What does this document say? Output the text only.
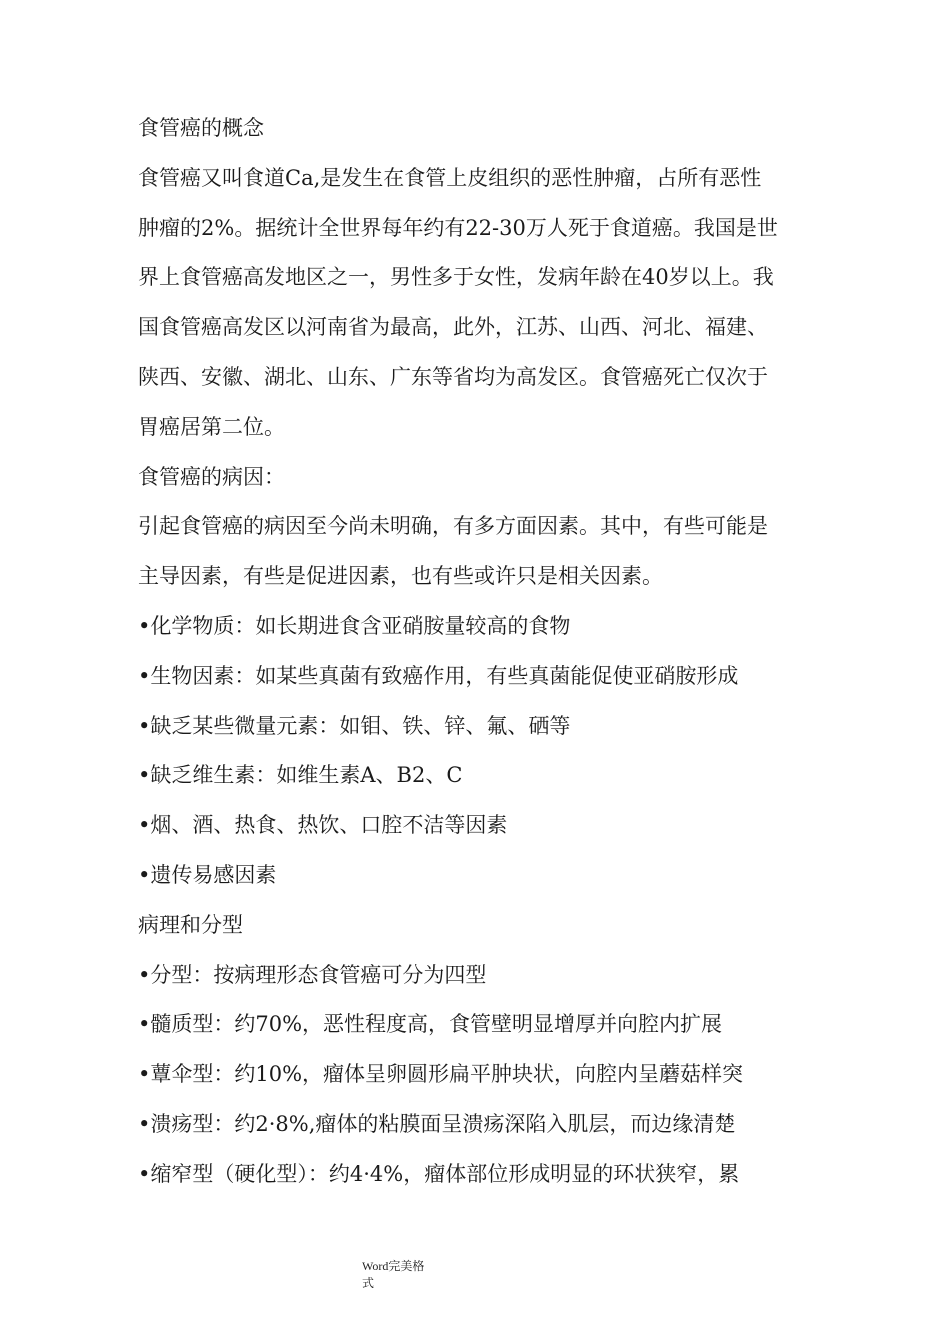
食管癌的概念
食管癌又叫食道Ca,是发生在食管上皮组织的恶性肿瘤，占所有恶性
肿瘤的2%。据统计全世界每年约有22-30万人死于食道癌。我国是世
界上食管癌高发地区之一，男性多于女性，发病年龄在40岁以上。我
国食管癌高发区以河南省为最高，此外，江苏、山西、河北、福建、
陕西、安徽、湖北、山东、广东等省均为高发区。食管癌死亡仅次于
胃癌居第二位。
食管癌的病因：
引起食管癌的病因至今尚未明确，有多方面因素。其中，有些可能是
主导因素，有些是促进因素，也有些或许只是相关因素。
•化学物质：如长期进食含亚硝胺量较高的食物
•生物因素：如某些真菌有致癌作用，有些真菌能促使亚硝胺形成
•缺乏某些微量元素：如钼、铁、锌、氟、硒等
•缺乏维生素：如维生素A、B2、C
•烟、酒、热食、热饮、口腔不洁等因素
•遗传易感因素
病理和分型
•分型：按病理形态食管癌可分为四型
•髓质型：约70%，恶性程度高，食管壁明显增厚并向腔内扩展
•蕈伞型：约10%，瘤体呈卵圆形扁平肿块状，向腔内呈蘑菇样突
•溃疡型：约2·8%,瘤体的粘膜面呈溃疡深陷入肌层，而边缘清楚
•缩窄型（硬化型）：约4·4%，瘤体部位形成明显的环状狭窄，累
Word完美格
式
